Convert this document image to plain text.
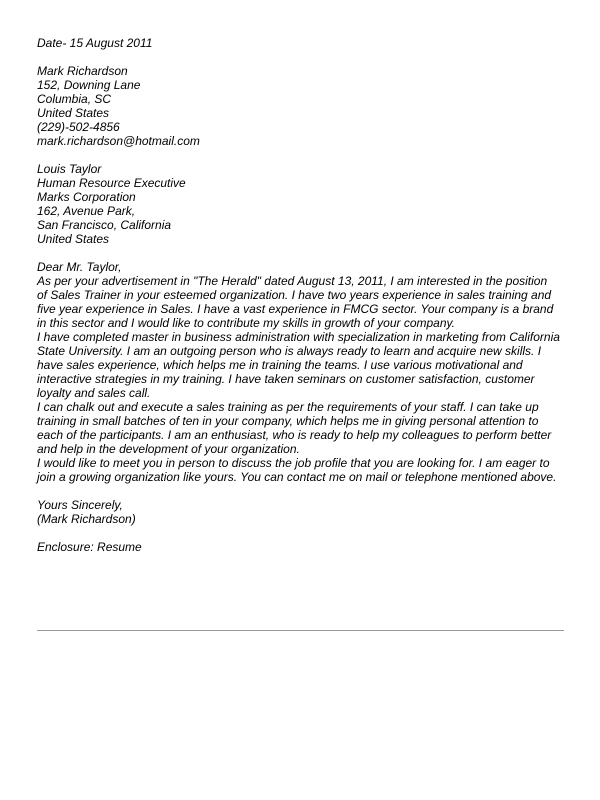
Date- 15 August 2011
Mark Richardson
152, Downing Lane
Columbia, SC
United States
(229)-502-4856
mark.richardson@hotmail.com
Louis Taylor
Human Resource Executive
Marks Corporation
162, Avenue Park,
San Francisco, California
United States
Dear Mr. Taylor,
As per your advertisement in "The Herald" dated August 13, 2011, I am interested in the position
of Sales Trainer in your esteemed organization. I have two years experience in sales training and
five year experience in Sales. I have a vast experience in FMCG sector. Your company is a brand
in this sector and I would like to contribute my skills in growth of your company.
I have completed master in business administration with specialization in marketing from California
State University. I am an outgoing person who is always ready to learn and acquire new skills. I
have sales experience, which helps me in training the teams. I use various motivational and
interactive strategies in my training. I have taken seminars on customer satisfaction, customer
loyalty and sales call.
I can chalk out and execute a sales training as per the requirements of your staff. I can take up
training in small batches of ten in your company, which helps me in giving personal attention to
each of the participants. I am an enthusiast, who is ready to help my colleagues to perform better
and help in the development of your organization.
I would like to meet you in person to discuss the job profile that you are looking for. I am eager to
join a growing organization like yours. You can contact me on mail or telephone mentioned above.
Yours Sincerely,
(Mark Richardson)
Enclosure: Resume
